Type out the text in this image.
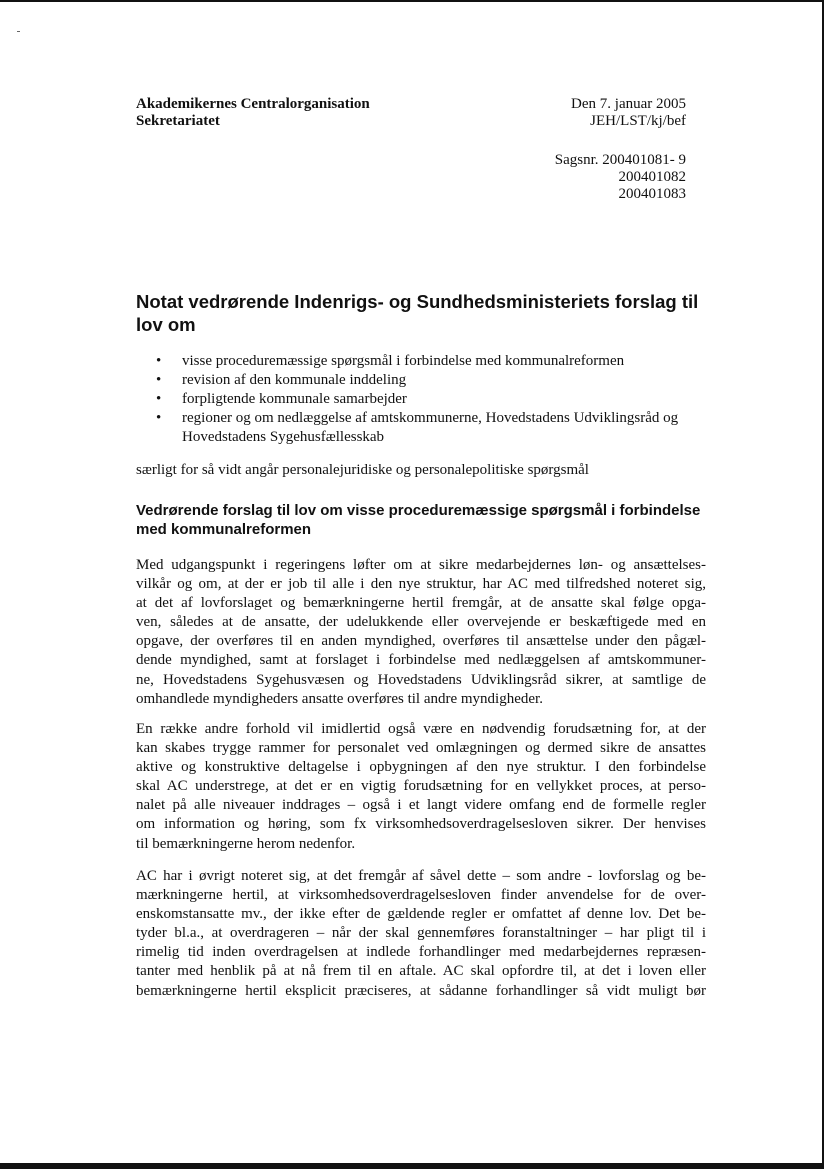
Akademikernes Centralorganisation
Sekretariatet
Den 7. januar 2005
JEH/LST/kj/bef
Sagsnr. 200401081- 9
200401082
200401083
Notat vedrørende Indenrigs- og Sundhedsministeriets forslag til lov om
• visse proceduremæssige spørgsmål i forbindelse med kommunalreformen
• revision af den kommunale inddeling
• forpligtende kommunale samarbejder
• regioner og om nedlæggelse af amtskommunerne, Hovedstadens Udviklingsråd og Hovedstadens Sygehusfællesskab

særligt for så vidt angår personalejuridiske og personalepolitiske spørgsmål

Vedrørende forslag til lov om visse proceduremæssige spørgsmål i forbindelse med kommunalreformen
Med udgangspunkt i regeringens løfter om at sikre medarbejdernes løn- og ansættelses-
vilkår og om, at der er job til alle i den nye struktur, har AC med tilfredshed noteret sig,
at det af lovforslaget og bemærkningerne hertil fremgår, at de ansatte skal følge opga-
ven, således at de ansatte, der udelukkende eller overvejende er beskæftigede med en
opgave, der overføres til en anden myndighed, overføres til ansættelse under den pågæl-
dende myndighed, samt at forslaget i forbindelse med nedlæggelsen af amtskommuner-
ne, Hovedstadens Sygehusvæsen og Hovedstadens Udviklingsråd sikrer, at samtlige de
omhandlede myndigheders ansatte overføres til andre myndigheder.
En række andre forhold vil imidlertid også være en nødvendig forudsætning for, at der
kan skabes trygge rammer for personalet ved omlægningen og dermed sikre de ansattes
aktive og konstruktive deltagelse i opbygningen af den nye struktur. I den forbindelse
skal AC understrege, at det er en vigtig forudsætning for en vellykket proces, at perso-
nalet på alle niveauer inddrages – også i et langt videre omfang end de formelle regler
om information og høring, som fx virksomhedsoverdragelsesloven sikrer. Der henvises
til bemærkningerne herom nedenfor.
AC har i øvrigt noteret sig, at det fremgår af såvel dette – som andre - lovforslag og be-
mærkningerne hertil, at virksomhedsoverdragelsesloven finder anvendelse for de over-
enskomstansatte mv., der ikke efter de gældende regler er omfattet af denne lov. Det be-
tyder bl.a., at overdrageren – når der skal gennemføres foranstaltninger – har pligt til i
rimelig tid inden overdragelsen at indlede forhandlinger med medarbejdernes repræsen-
tanter med henblik på at nå frem til en aftale. AC skal opfordre til, at det i loven eller
bemærkningerne hertil eksplicit præciseres, at sådanne forhandlinger så vidt muligt bør
